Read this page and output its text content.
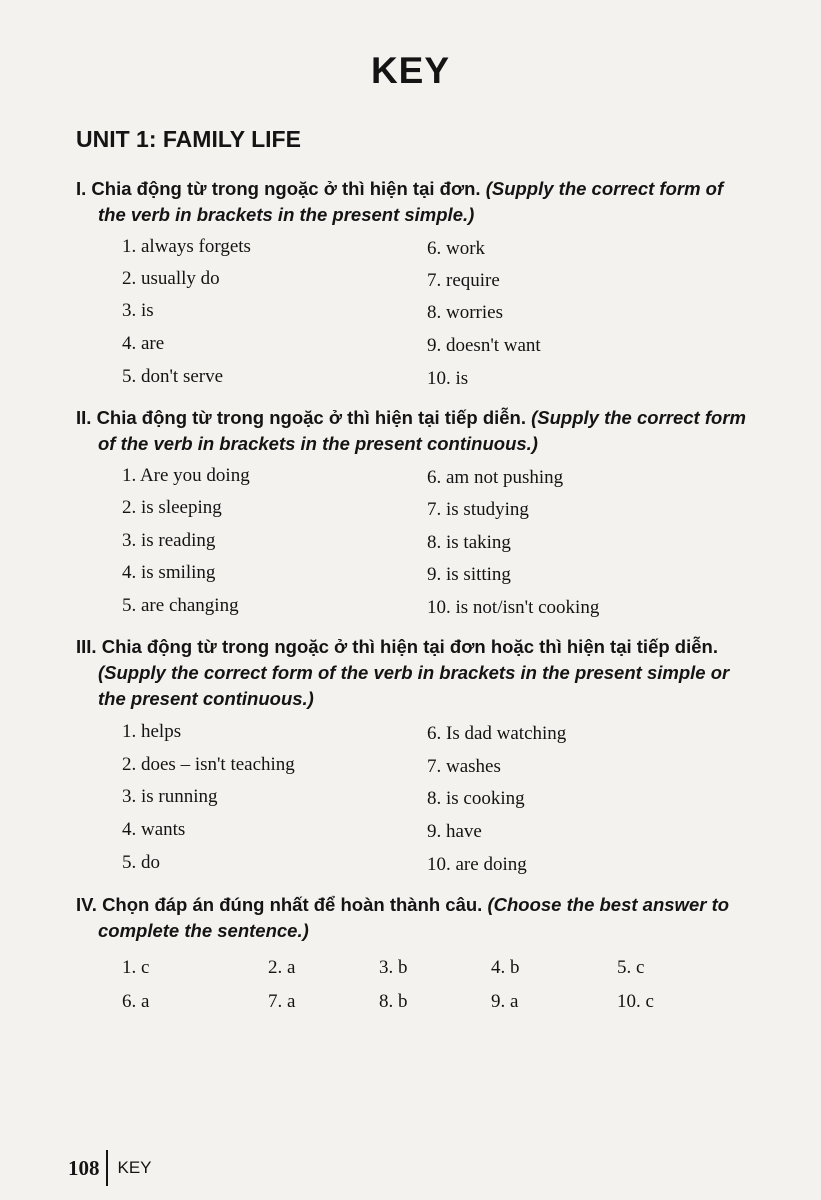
KEY
UNIT 1: FAMILY LIFE
I. Chia động từ trong ngoặc ở thì hiện tại đơn. (Supply the correct form of
the verb in brackets in the present simple.)
1. always forgets
2. usually do
3. is
4. are
5. don't serve
6. work
7. require
8. worries
9. doesn't want
10. is
II. Chia động từ trong ngoặc ở thì hiện tại tiếp diễn. (Supply the correct form
of the verb in brackets in the present continuous.)
1. Are you doing
2. is sleeping
3. is reading
4. is smiling
5. are changing
6. am not pushing
7. is studying
8. is taking
9. is sitting
10. is not/isn't cooking
III. Chia động từ trong ngoặc ở thì hiện tại đơn hoặc thì hiện tại tiếp diễn.
(Supply the correct form of the verb in brackets in the present simple or
the present continuous.)
1. helps
2. does – isn't teaching
3. is running
4. wants
5. do
6. Is dad watching
7. washes
8. is cooking
9. have
10. are doing
IV. Chọn đáp án đúng nhất để hoàn thành câu. (Choose the best answer to
complete the sentence.)
1. c	2. a	3. b	4. b	5. c
6. a	7. a	8. b	9. a	10. c
108	KEY
